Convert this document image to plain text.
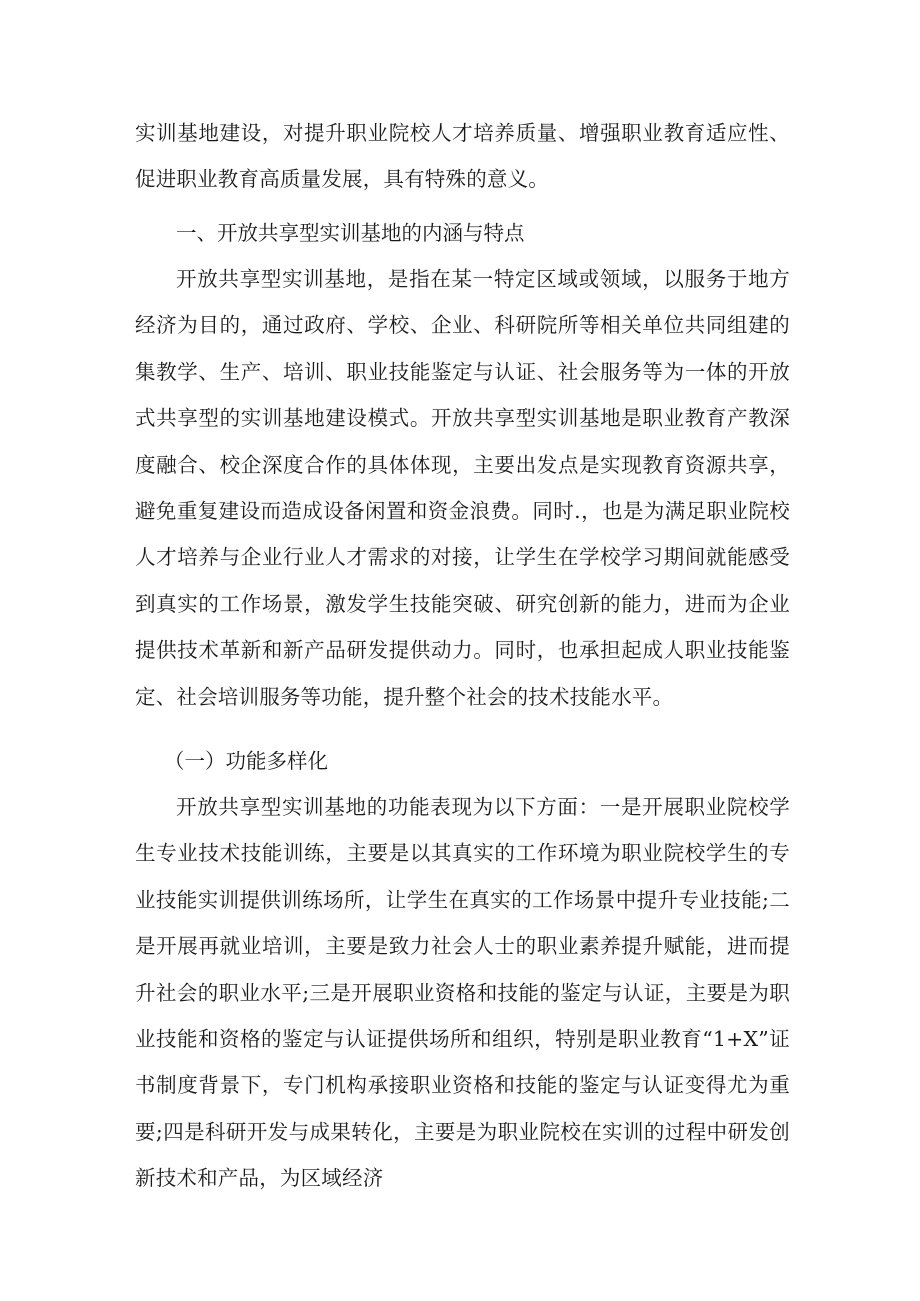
实训基地建设，对提升职业院校人才培养质量、增强职业教育适应性、促进职业教育高质量发展，具有特殊的意义。

一、开放共享型实训基地的内涵与特点

开放共享型实训基地，是指在某一特定区域或领域，以服务于地方经济为目的，通过政府、学校、企业、科研院所等相关单位共同组建的集教学、生产、培训、职业技能鉴定与认证、社会服务等为一体的开放式共享型的实训基地建设模式。开放共享型实训基地是职业教育产教深度融合、校企深度合作的具体体现，主要出发点是实现教育资源共享，避免重复建设而造成设备闲置和资金浪费。同时.，也是为满足职业院校人才培养与企业行业人才需求的对接，让学生在学校学习期间就能感受到真实的工作场景，激发学生技能突破、研究创新的能力，进而为企业提供技术革新和新产品研发提供动力。同时，也承担起成人职业技能鉴定、社会培训服务等功能，提升整个社会的技术技能水平。

（一）功能多样化

开放共享型实训基地的功能表现为以下方面：一是开展职业院校学生专业技术技能训练，主要是以其真实的工作环境为职业院校学生的专业技能实训提供训练场所，让学生在真实的工作场景中提升专业技能;二是开展再就业培训，主要是致力社会人士的职业素养提升赋能，进而提升社会的职业水平;三是开展职业资格和技能的鉴定与认证，主要是为职业技能和资格的鉴定与认证提供场所和组织，特别是职业教育“1+X”证书制度背景下，专门机构承接职业资格和技能的鉴定与认证变得尤为重要;四是科研开发与成果转化，主要是为职业院校在实训的过程中研发创新技术和产品，为区域经济
